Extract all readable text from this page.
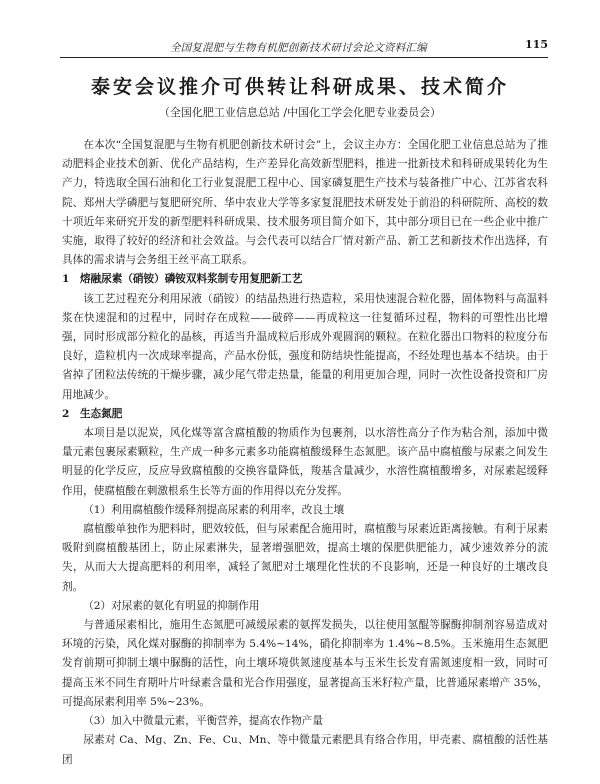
全国复混肥与生物有机肥创新技术研讨会论文资料汇编	115
泰安会议推介可供转让科研成果、技术简介
（全国化肥工业信息总站 /中国化工学会化肥专业委员会）

在本次“全国复混肥与生物有机肥创新技术研讨会”上，会议主办方：全国化肥工业信息总站为了推动肥料企业技术创新、优化产品结构，生产差异化高效新型肥料，推进一批新技术和科研成果转化为生产力，特选取全国石油和化工行业复混肥工程中心、国家磷复肥生产技术与装备推广中心、江苏省农科院、郑州大学磷肥与复肥研究所、华中农业大学等多家复混肥技术研发处于前沿的科研院所、高校的数十项近年来研究开发的新型肥料科研成果、技术服务项目简介如下，其中部分项目已在一些企业中推广实施，取得了较好的经济和社会效益。与会代表可以结合厂情对新产品、新工艺和新技术作出选择，有具体的需求请与会务组王丝平高工联系。

1　熔融尿素（硝铵）磷铵双料浆制专用复肥新工艺

该工艺过程充分利用尿液（硝铵）的结晶热进行热造粒，采用快速混合粒化器，固体物料与高温料浆在快速混和的过程中，同时存在成粒——破碎——再成粒这一往复循环过程，物料的可塑性出比增强，同时形成部分粒化的晶核，再适当升温成粒后形成外观圆润的颗粒。在粒化器出口物料的粒度分布良好，造粒机内一次成球率提高，产品水份低，强度和防结块性能提高，不经处理也基本不结块。由于省掉了团粒法传统的干燥步骤，减少尾气带走热量，能量的利用更加合理，同时一次性设备投资和厂房用地减少。

2　生态氮肥

本项目是以泥炭，风化煤等富含腐植酸的物质作为包裹剂，以水溶性高分子作为粘合剂，添加中微量元素包裹尿素颗粒，生产成一种多元素多功能腐植酸缓释生态氮肥。该产品中腐植酸与尿素之间发生明显的化学反应，反应导致腐植酸的交换容量降低，羧基含量减少，水溶性腐植酸增多，对尿素起缓释作用，使腐植酸在刺激根系生长等方面的作用得以充分发挥。

（1）利用腐植酸作缓释剂提高尿素的利用率，改良土壤

腐植酸单独作为肥料时，肥效较低，但与尿素配合施用时，腐植酸与尿素近距离接触。有利于尿素吸附到腐植酸基团上，防止尿素淋失，显著增强肥效，提高土壤的保肥供肥能力，减少速效养分的流失，从而大大提高肥料的利用率，减轻了氮肥对土壤理化性状的不良影响，还是一种良好的土壤改良剂。

（2）对尿素的氨化有明显的抑制作用

与普通尿素相比，施用生态氮肥可减缓尿素的氨挥发损失，以往使用氢醌等脲酶抑制剂容易造成对环境的污染，风化煤对脲酶的抑制率为 5.4%~14%，硝化抑制率为 1.4%~8.5%。玉米施用生态氮肥发育前期可抑制土壤中脲酶的活性，向土壤环境供氮速度基本与玉米生长发育需氮速度相一致，同时可提高玉米不同生育期叶片叶绿素含量和光合作用强度，显著提高玉米籽粒产量，比普通尿素增产 35%，可提高尿素利用率 5%~23%。

（3）加入中微量元素，平衡营养，提高农作物产量

尿素对 Ca、Mg、Zn、Fe、Cu、Mn、等中微量元素肥具有络合作用，甲壳素、腐植酸的活性基团
